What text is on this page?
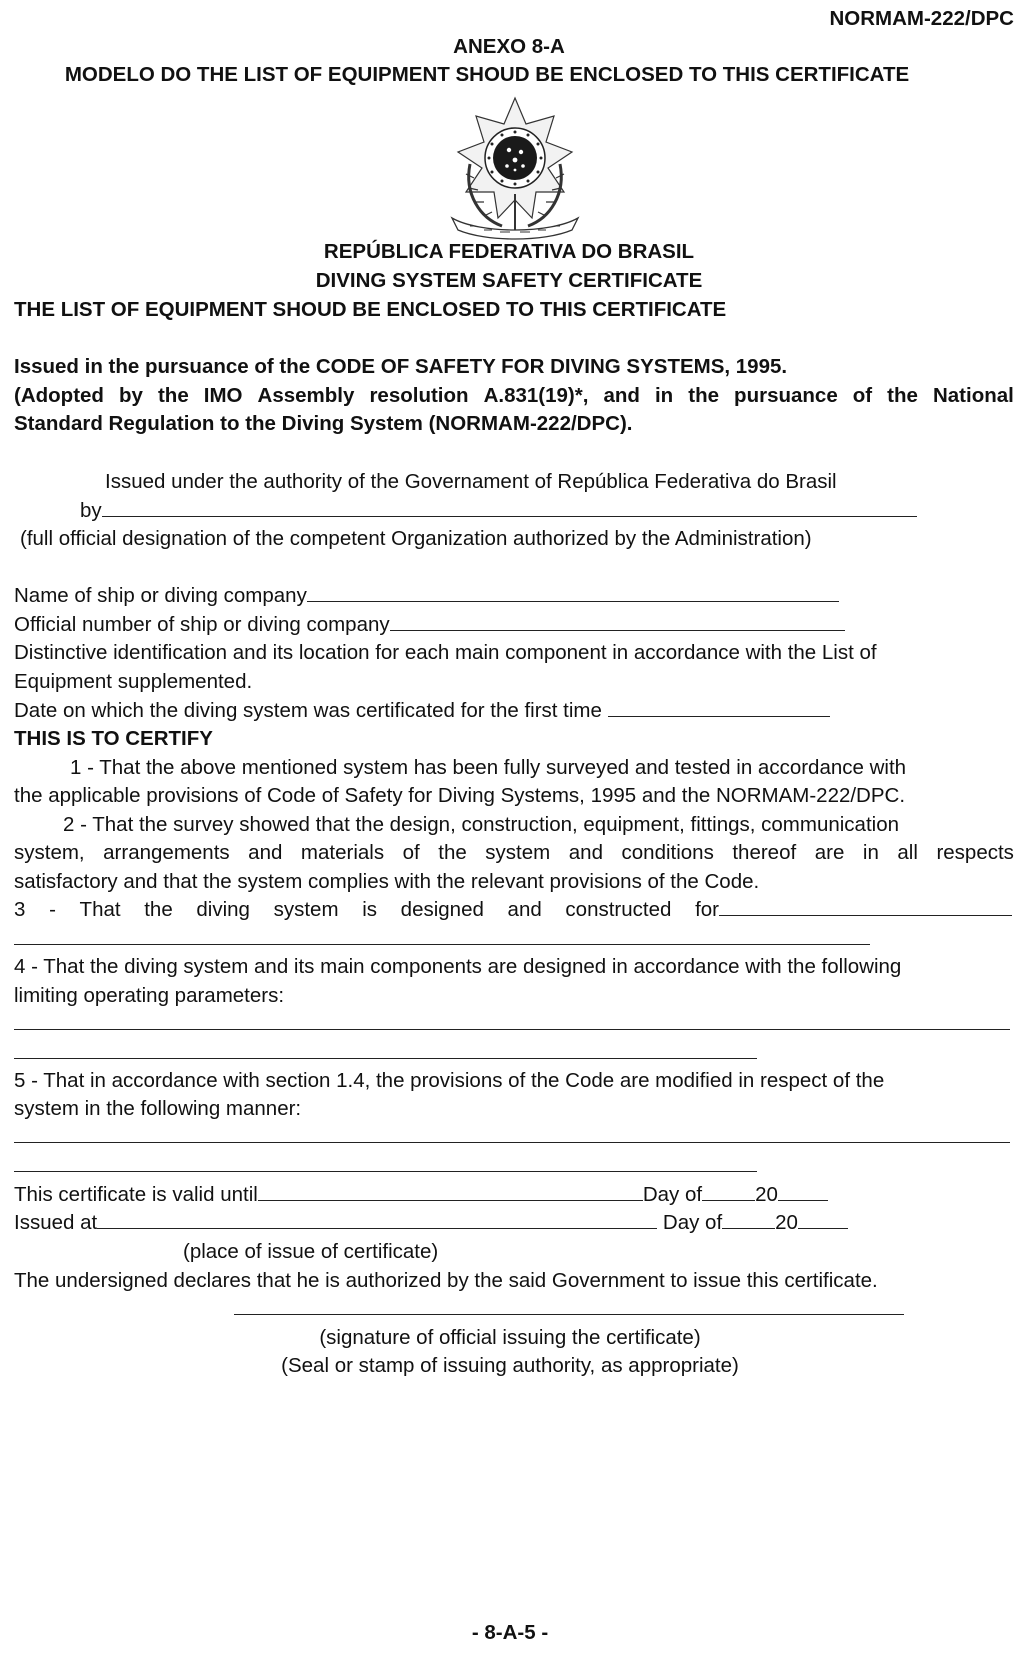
NORMAM-222/DPC
ANEXO 8-A
MODELO DO THE LIST OF EQUIPMENT SHOUD BE ENCLOSED TO THIS CERTIFICATE
REPÚBLICA FEDERATIVA DO BRASIL
DIVING SYSTEM SAFETY CERTIFICATE
THE LIST OF EQUIPMENT SHOUD BE ENCLOSED TO THIS CERTIFICATE
Issued in the pursuance of the CODE OF SAFETY FOR DIVING SYSTEMS, 1995.
(Adopted by the IMO Assembly resolution A.831(19)*, and in the pursuance of the National
Standard Regulation to the Diving System (NORMAM-222/DPC).
Issued under the authority of the Governament of República Federativa do Brasil
by
(full official designation of the competent Organization authorized by the Administration)
Name of ship or diving company
Official number of ship or diving company
Distinctive identification and its location for each main component in accordance with the List of
Equipment supplemented.
Date on which the diving system was certificated for the first time
THIS IS TO CERTIFY
1 - That the above mentioned system has been fully surveyed and tested in accordance with
the applicable provisions of Code of Safety for Diving Systems, 1995 and the NORMAM-222/DPC.
2 - That the survey showed that the design, construction, equipment, fittings, communication
system, arrangements and materials of the system and conditions thereof are in all respects
satisfactory and that the system complies with the relevant provisions of the Code.
3 - That the diving system is designed and constructed for
4 - That the diving system and its main components are designed in accordance with the following
limiting operating parameters:
5 - That in accordance with section 1.4, the provisions of the Code are modified in respect of the
system in the following manner:
This certificate is valid until	Day of	20
Issued at	Day of	20
(place of issue of certificate)
The undersigned declares that he is authorized by the said Government to issue this certificate.
(signature of official issuing the certificate)
(Seal or stamp of issuing authority, as appropriate)
- 8-A-5 -
